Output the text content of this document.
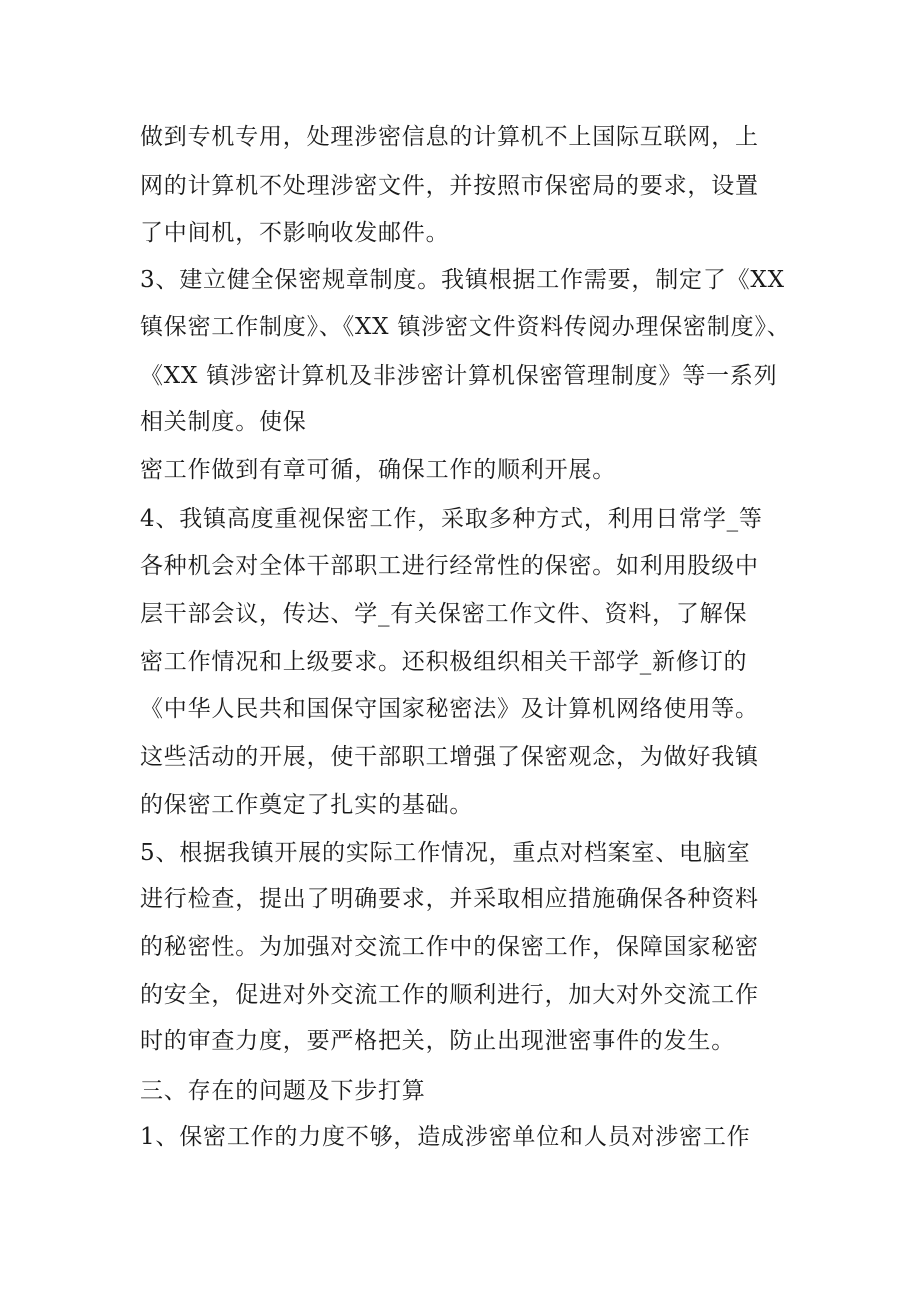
做到专机专用，处理涉密信息的计算机不上国际互联网，上

网的计算机不处理涉密文件，并按照市保密局的要求，设置

了中间机，不影响收发邮件。

3、建立健全保密规章制度。我镇根据工作需要，制定了《XX

镇保密工作制度》、《XX 镇涉密文件资料传阅办理保密制度》、

《XX 镇涉密计算机及非涉密计算机保密管理制度》等一系列

相关制度。使保

密工作做到有章可循，确保工作的顺利开展。

4、我镇高度重视保密工作，采取多种方式，利用日常学_等

各种机会对全体干部职工进行经常性的保密。如利用股级中

层干部会议，传达、学_有关保密工作文件、资料，了解保

密工作情况和上级要求。还积极组织相关干部学_新修订的

《中华人民共和国保守国家秘密法》及计算机网络使用等。

这些活动的开展，使干部职工增强了保密观念，为做好我镇

的保密工作奠定了扎实的基础。

5、根据我镇开展的实际工作情况，重点对档案室、电脑室

进行检查，提出了明确要求，并采取相应措施确保各种资料

的秘密性。为加强对交流工作中的保密工作，保障国家秘密

的安全，促进对外交流工作的顺利进行，加大对外交流工作

时的审查力度，要严格把关，防止出现泄密事件的发生。

三、存在的问题及下步打算

1、保密工作的力度不够，造成涉密单位和人员对涉密工作
